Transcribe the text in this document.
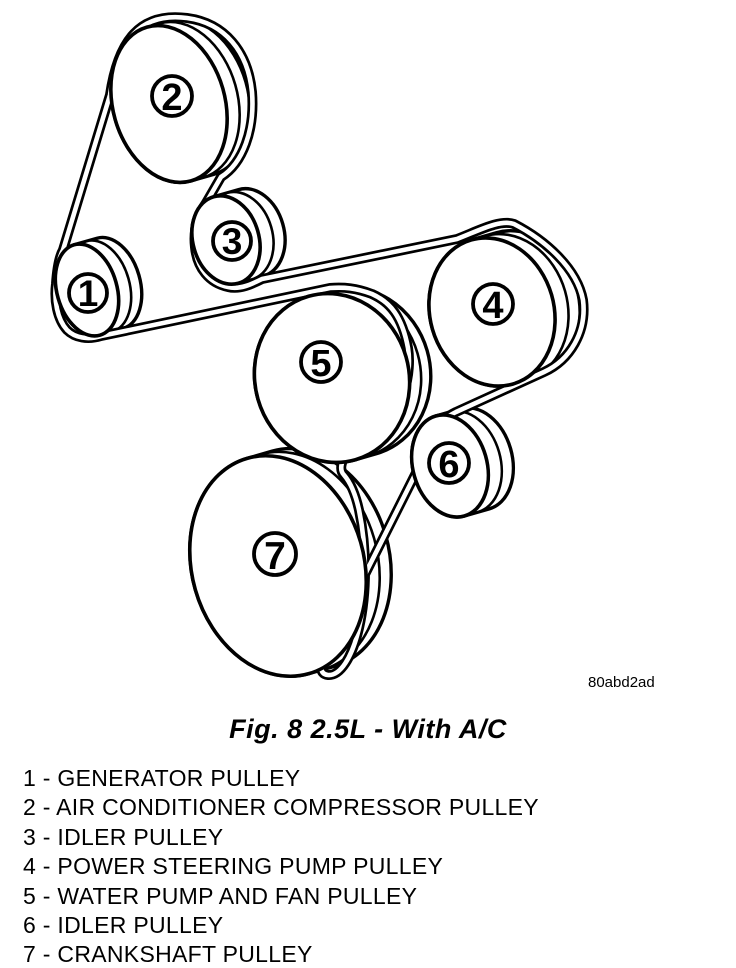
1
2
3
4
5
6
7
80abd2ad
Fig. 8 2.5L - With A/C
1 - GENERATOR PULLEY
2 - AIR CONDITIONER COMPRESSOR PULLEY
3 - IDLER PULLEY
4 - POWER STEERING PUMP PULLEY
5 - WATER PUMP AND FAN PULLEY
6 - IDLER PULLEY
7 - CRANKSHAFT PULLEY
